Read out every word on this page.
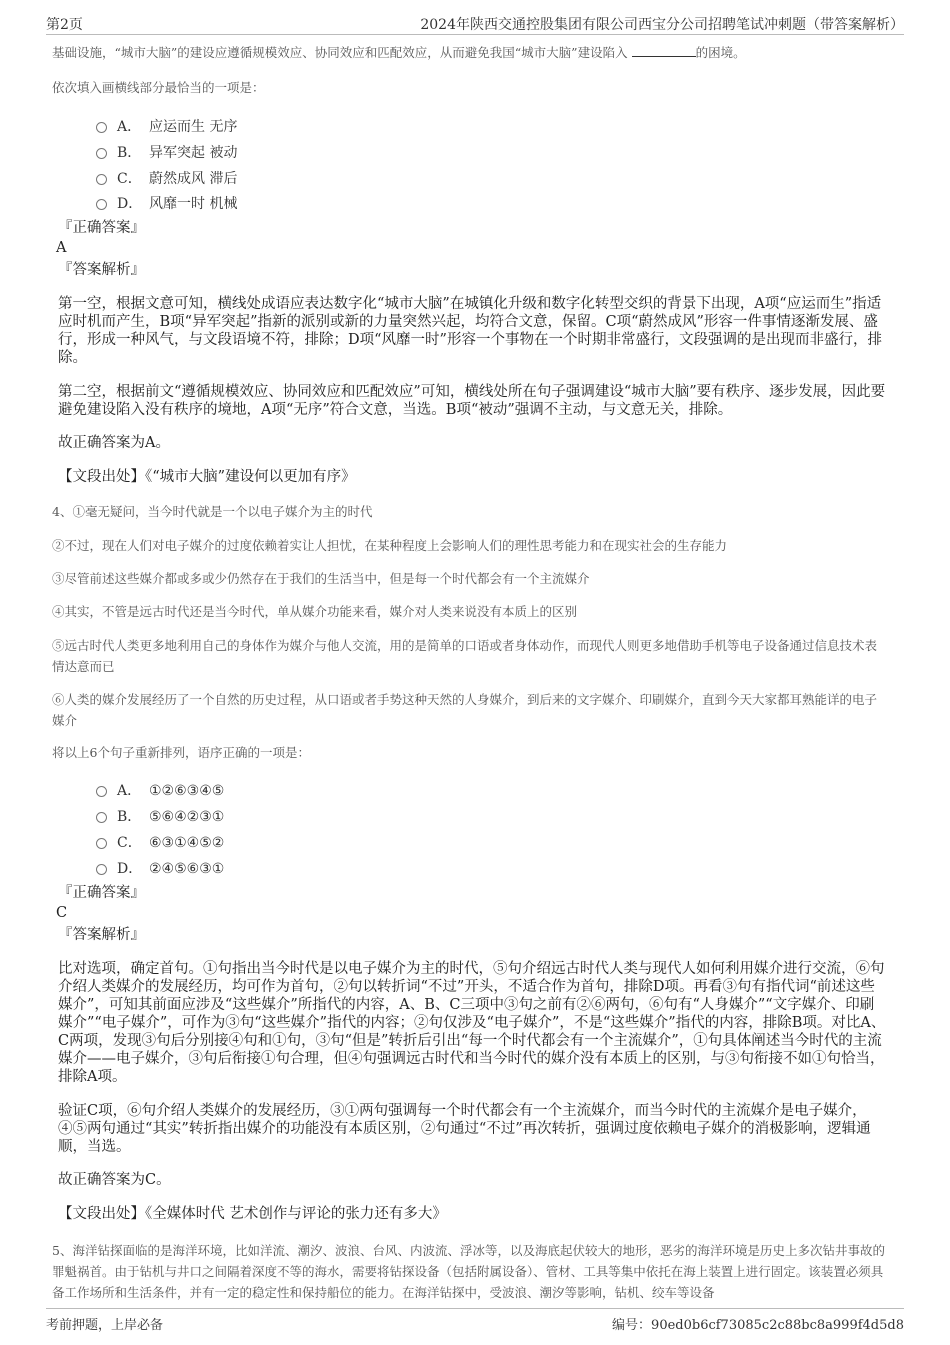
第2页	2024年陕西交通控股集团有限公司西宝分公司招聘笔试冲刺题（带答案解析）
基础设施，“城市大脑”的建设应遵循规模效应、协同效应和匹配效应，从而避免我国“城市大脑”建设陷入	的困境。
依次填入画横线部分最恰当的一项是：
A． 应运而生 无序
B． 异军突起 被动
C． 蔚然成风 滞后
D． 风靡一时 机械
『正确答案』
A
『答案解析』
第一空，根据文意可知，横线处成语应表达数字化“城市大脑”在城镇化升级和数字化转型交织的背景下出现，A项“应运而生”指适应时机而产生，B项“异军突起”指新的派别或新的力量突然兴起，均符合文意，保留。C项“蔚然成风”形容一件事情逐渐发展、盛行，形成一种风气，与文段语境不符，排除；D项“风靡一时”形容一个事物在一个时期非常盛行，文段强调的是出现而非盛行，排除。
第二空，根据前文“遵循规模效应、协同效应和匹配效应”可知，横线处所在句子强调建设“城市大脑”要有秩序、逐步发展，因此要避免建设陷入没有秩序的境地，A项“无序”符合文意，当选。B项“被动”强调不主动，与文意无关，排除。
故正确答案为A。
【文段出处】《“城市大脑”建设何以更加有序》
4、①毫无疑问，当今时代就是一个以电子媒介为主的时代
②不过，现在人们对电子媒介的过度依赖着实让人担忧，在某种程度上会影响人们的理性思考能力和在现实社会的生存能力
③尽管前述这些媒介都或多或少仍然存在于我们的生活当中，但是每一个时代都会有一个主流媒介
④其实，不管是远古时代还是当今时代，单从媒介功能来看，媒介对人类来说没有本质上的区别
⑤远古时代人类更多地利用自己的身体作为媒介与他人交流，用的是简单的口语或者身体动作，而现代人则更多地借助手机等电子设备通过信息技术表情达意而已
⑥人类的媒介发展经历了一个自然的历史过程，从口语或者手势这种天然的人身媒介，到后来的文字媒介、印刷媒介，直到今天大家都耳熟能详的电子媒介
将以上6个句子重新排列，语序正确的一项是：
A． ①②⑥③④⑤
B． ⑤⑥④②③①
C． ⑥③①④⑤②
D． ②④⑤⑥③①
『正确答案』
C
『答案解析』
比对选项，确定首句。①句指出当今时代是以电子媒介为主的时代，⑤句介绍远古时代人类与现代人如何利用媒介进行交流，⑥句介绍人类媒介的发展经历，均可作为首句，②句以转折词“不过”开头，不适合作为首句，排除D项。再看③句有指代词“前述这些媒介”，可知其前面应涉及“这些媒介”所指代的内容，A、B、C三项中③句之前有②⑥两句，⑥句有“人身媒介”“文字媒介、印刷媒介”“电子媒介”，可作为③句“这些媒介”指代的内容；②句仅涉及“电子媒介”，不是“这些媒介”指代的内容，排除B项。对比A、C两项，发现③句后分别接④句和①句，③句“但是”转折后引出“每一个时代都会有一个主流媒介”，①句具体阐述当今时代的主流媒介——电子媒介，③句后衔接①句合理，但④句强调远古时代和当今时代的媒介没有本质上的区别，与③句衔接不如①句恰当，排除A项。
验证C项，⑥句介绍人类媒介的发展经历，③①两句强调每一个时代都会有一个主流媒介，而当今时代的主流媒介是电子媒介，④⑤两句通过“其实”转折指出媒介的功能没有本质区别，②句通过“不过”再次转折，强调过度依赖电子媒介的消极影响，逻辑通顺，当选。
故正确答案为C。
【文段出处】《全媒体时代 艺术创作与评论的张力还有多大》
5、海洋钻探面临的是海洋环境，比如洋流、潮汐、波浪、台风、内波流、浮冰等，以及海底起伏较大的地形，恶劣的海洋环境是历史上多次钻井事故的罪魁祸首。由于钻机与井口之间隔着深度不等的海水，需要将钻探设备（包括附属设备）、管材、工具等集中依托在海上装置上进行固定。该装置必须具备工作场所和生活条件，并有一定的稳定性和保持船位的能力。在海洋钻探中，受波浪、潮汐等影响，钻机、绞车等设备
考前押题，上岸必备	编号：90ed0b6cf73085c2c88bc8a999f4d5d8
